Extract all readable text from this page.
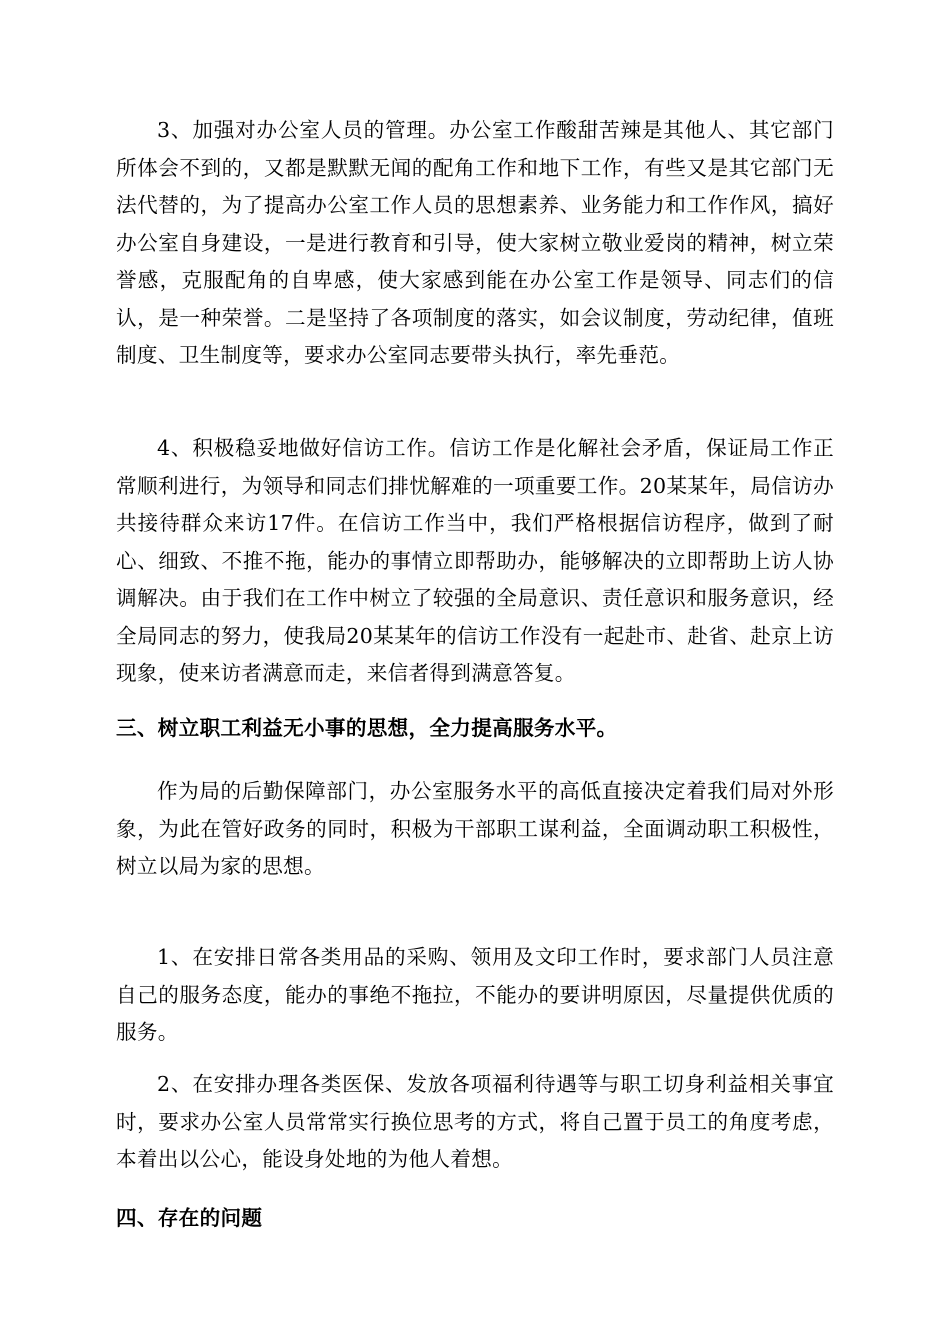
3、加强对办公室人员的管理。办公室工作酸甜苦辣是其他人、其它部门所体会不到的，又都是默默无闻的配角工作和地下工作，有些又是其它部门无法代替的，为了提高办公室工作人员的思想素养、业务能力和工作作风，搞好办公室自身建设，一是进行教育和引导，使大家树立敬业爱岗的精神，树立荣誉感，克服配角的自卑感，使大家感到能在办公室工作是领导、同志们的信认，是一种荣誉。二是坚持了各项制度的落实，如会议制度，劳动纪律，值班制度、卫生制度等，要求办公室同志要带头执行，率先垂范。

4、积极稳妥地做好信访工作。信访工作是化解社会矛盾，保证局工作正常顺利进行，为领导和同志们排忧解难的一项重要工作。20某某年，局信访办共接待群众来访17件。在信访工作当中，我们严格根据信访程序，做到了耐心、细致、不推不拖，能办的事情立即帮助办，能够解决的立即帮助上访人协调解决。由于我们在工作中树立了较强的全局意识、责任意识和服务意识，经全局同志的努力，使我局20某某年的信访工作没有一起赴市、赴省、赴京上访现象，使来访者满意而走，来信者得到满意答复。

三、树立职工利益无小事的思想，全力提高服务水平。

作为局的后勤保障部门，办公室服务水平的高低直接决定着我们局对外形象，为此在管好政务的同时，积极为干部职工谋利益，全面调动职工积极性，树立以局为家的思想。

1、在安排日常各类用品的采购、领用及文印工作时，要求部门人员注意自己的服务态度，能办的事绝不拖拉，不能办的要讲明原因，尽量提供优质的服务。

2、在安排办理各类医保、发放各项福利待遇等与职工切身利益相关事宜时，要求办公室人员常常实行换位思考的方式，将自己置于员工的角度考虑，本着出以公心，能设身处地的为他人着想。

四、存在的问题
